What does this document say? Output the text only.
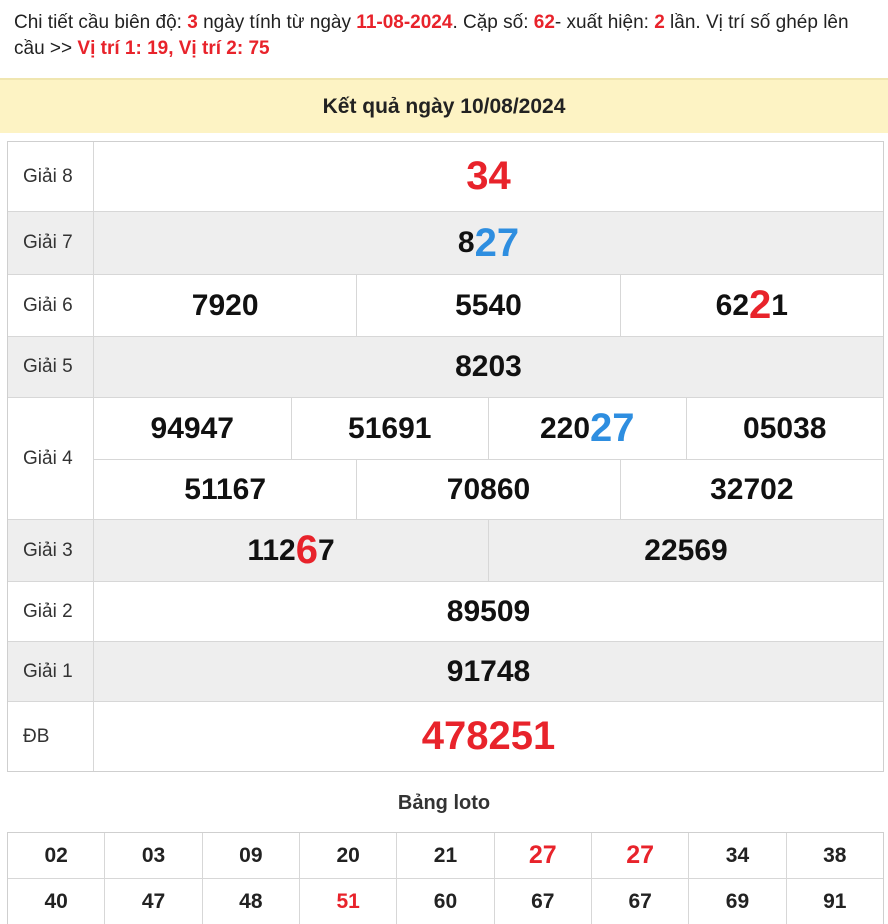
Chi tiết cầu biên độ: 3 ngày tính từ ngày 11-08-2024. Cặp số: 62- xuất hiện: 2 lần. Vị trí số ghép lên cầu >> Vị trí 1: 19, Vị trí 2: 75
Kết quả ngày 10/08/2024
Giải 8	34
Giải 7	8 27
Giải 6	7920	5540	62 2 1
Giải 5	8203
Giải 4
94947	51691	220 27	05038
51167	70860	32702
Giải 3	112 6 7	22569
Giải 2	89509
Giải 1	91748
ĐB	478251
Bảng loto
02	03	09	20	21	27	27	34	38
40	47	48	51	60	67	67	69	91
